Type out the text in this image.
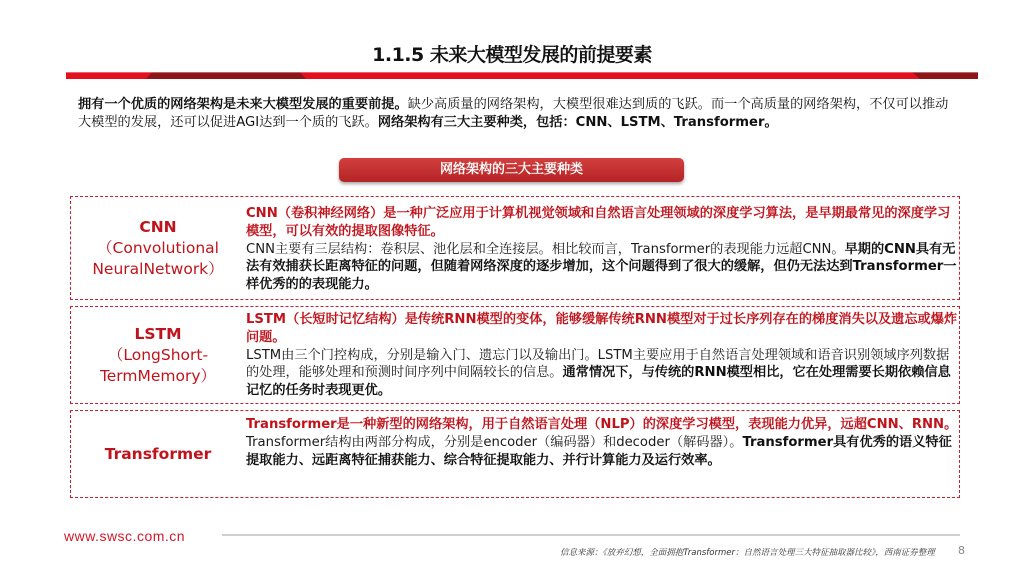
1.1.5 未来大模型发展的前提要素
拥有一个优质的网络架构是未来大模型发展的重要前提。缺少高质量的网络架构，大模型很难达到质的飞跃。而一个高质量的网络架构，不仅可以推动大模型的发展，还可以促进AGI达到一个质的飞跃。网络架构有三大主要种类，包括：CNN、LSTM、Transformer。
网络架构的三大主要种类
CNN
（Convolutional NeuralNetwork）
CNN（卷积神经网络）是一种广泛应用于计算机视觉领域和自然语言处理领域的深度学习算法，是早期最常见的深度学习模型，可以有效的提取图像特征。
CNN主要有三层结构：卷积层、池化层和全连接层。相比较而言，Transformer的表现能力远超CNN。早期的CNN具有无法有效捕获长距离特征的问题，但随着网络深度的逐步增加，这个问题得到了很大的缓解，但仍无法达到Transformer一样优秀的的表现能力。
LSTM
（LongShort-TermMemory）
LSTM（长短时记忆结构）是传统RNN模型的变体，能够缓解传统RNN模型对于过长序列存在的梯度消失以及遗忘或爆炸问题。
LSTM由三个门控构成，分别是输入门、遗忘门以及输出门。LSTM主要应用于自然语言处理领域和语音识别领域序列数据的处理，能够处理和预测时间序列中间隔较长的信息。通常情况下，与传统的RNN模型相比，它在处理需要长期依赖信息记忆的任务时表现更优。
Transformer
Transformer是一种新型的网络架构，用于自然语言处理（NLP）的深度学习模型，表现能力优异，远超CNN、RNN。
Transformer结构由两部分构成，分别是encoder（编码器）和decoder（解码器）。Transformer具有优秀的语义特征提取能力、远距离特征捕获能力、综合特征提取能力、并行计算能力及运行效率。
www.swsc.com.cn
信息来源：《放弃幻想，全面拥抱Transformer：自然语言处理三大特征抽取器比较》，西南证券整理 8
